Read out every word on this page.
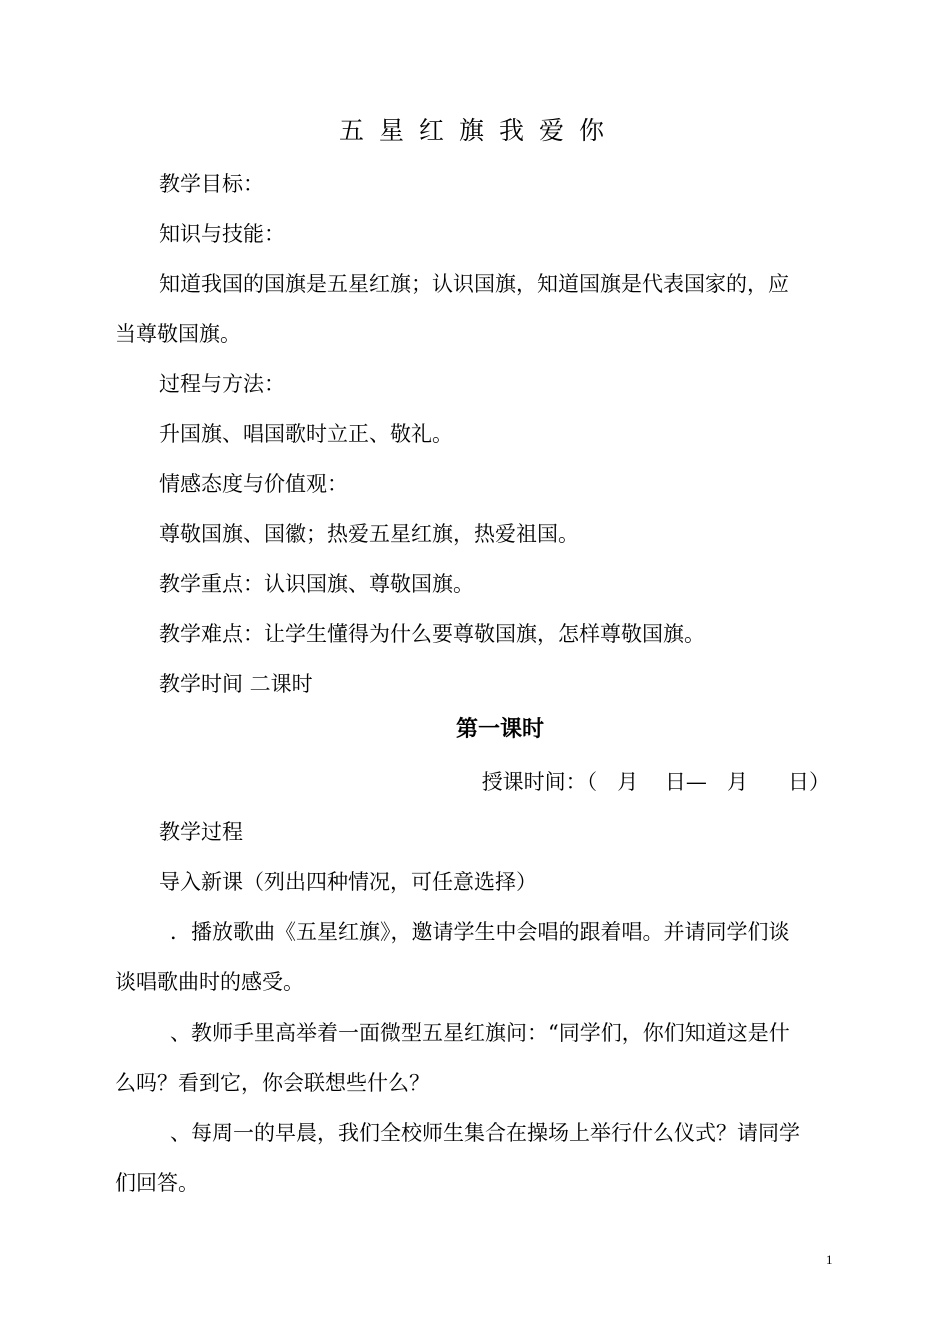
五星红旗我爱你
教学目标：
知识与技能：
知道我国的国旗是五星红旗；认识国旗，知道国旗是代表国家的，应
当尊敬国旗。
过程与方法：
升国旗、唱国歌时立正、敬礼。
情感态度与价值观：
尊敬国旗、国徽；热爱五星红旗，热爱祖国。
教学重点：认识国旗、尊敬国旗。
教学难点：让学生懂得为什么要尊敬国旗，怎样尊敬国旗。
教学时间 二课时
第一课时
授课时间：（   月    日—   月      日）
教学过程
导入新课（列出四种情况，可任意选择）
．播放歌曲《五星红旗》，邀请学生中会唱的跟着唱。并请同学们谈
谈唱歌曲时的感受。
、教师手里高举着一面微型五星红旗问：“同学们，你们知道这是什
么吗？看到它，你会联想些什么？
、每周一的早晨，我们全校师生集合在操场上举行什么仪式？请同学
们回答。
1
